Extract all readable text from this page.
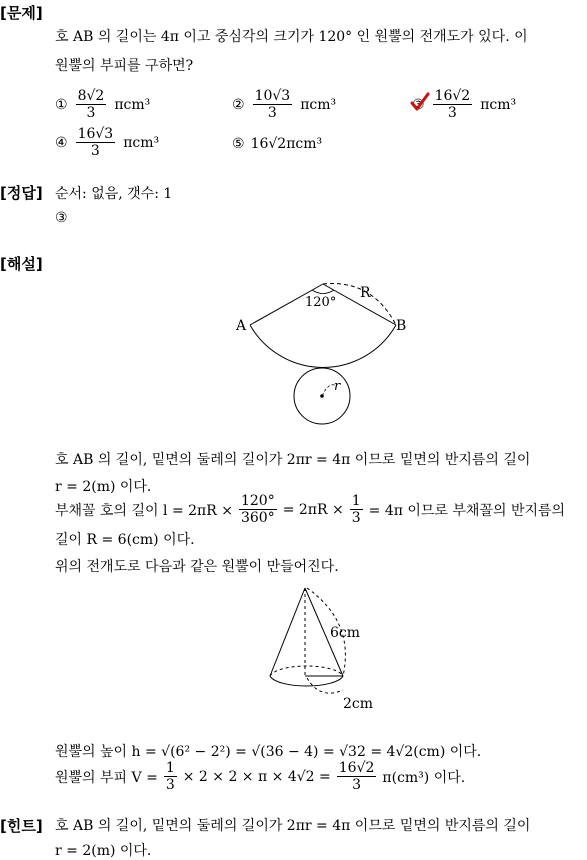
[문제]
호 AB 의 길이는 4π 이고 중심각의 크기가 120° 인 원뿔의 전개도가 있다. 이
원뿔의 부피를 구하면?
① $\frac{8√2}{3} \pi cm^3$	② $\frac{10√3}{3} \pi cm^3$	③ $\frac{16√2}{3} \pi cm^3$
④ $\frac{16√3}{3} \pi cm^3$	⑤ 16√2πcm³
[정답] 순서: 없음, 갯수: 1
③
[해설]
120°
A	B
R
r
호 AB 의 길이, 밑면의 둘레의 길이가 2πr = 4π 이므로 밑면의 반지름의 길이
r = 2(m) 이다.
부채꼴 호의 길이 $l = 2\pi R \times \frac{120^\circ}{360^\circ} = 2\pi R \times \frac{1}{3} = 4\pi$ 이므로 부채꼴의 반지름의
길이 R = 6(cm) 이다.
위의 전개도로 다음과 같은 원뿔이 만들어진다.
6cm
2cm
원뿔의 높이 h = √(6² − 2²) = √(36 − 4) = √32 = 4√2(cm) 이다.
원뿔의 부피 $V = \frac{1}{3} \times 2 \times 2 \times \pi \times 4√2 = \frac{16√2}{3} \pi(cm^3)$ 이다.
[힌트] 호 AB 의 길이, 밑면의 둘레의 길이가 2πr = 4π 이므로 밑면의 반지름의 길이
r = 2(m) 이다.
